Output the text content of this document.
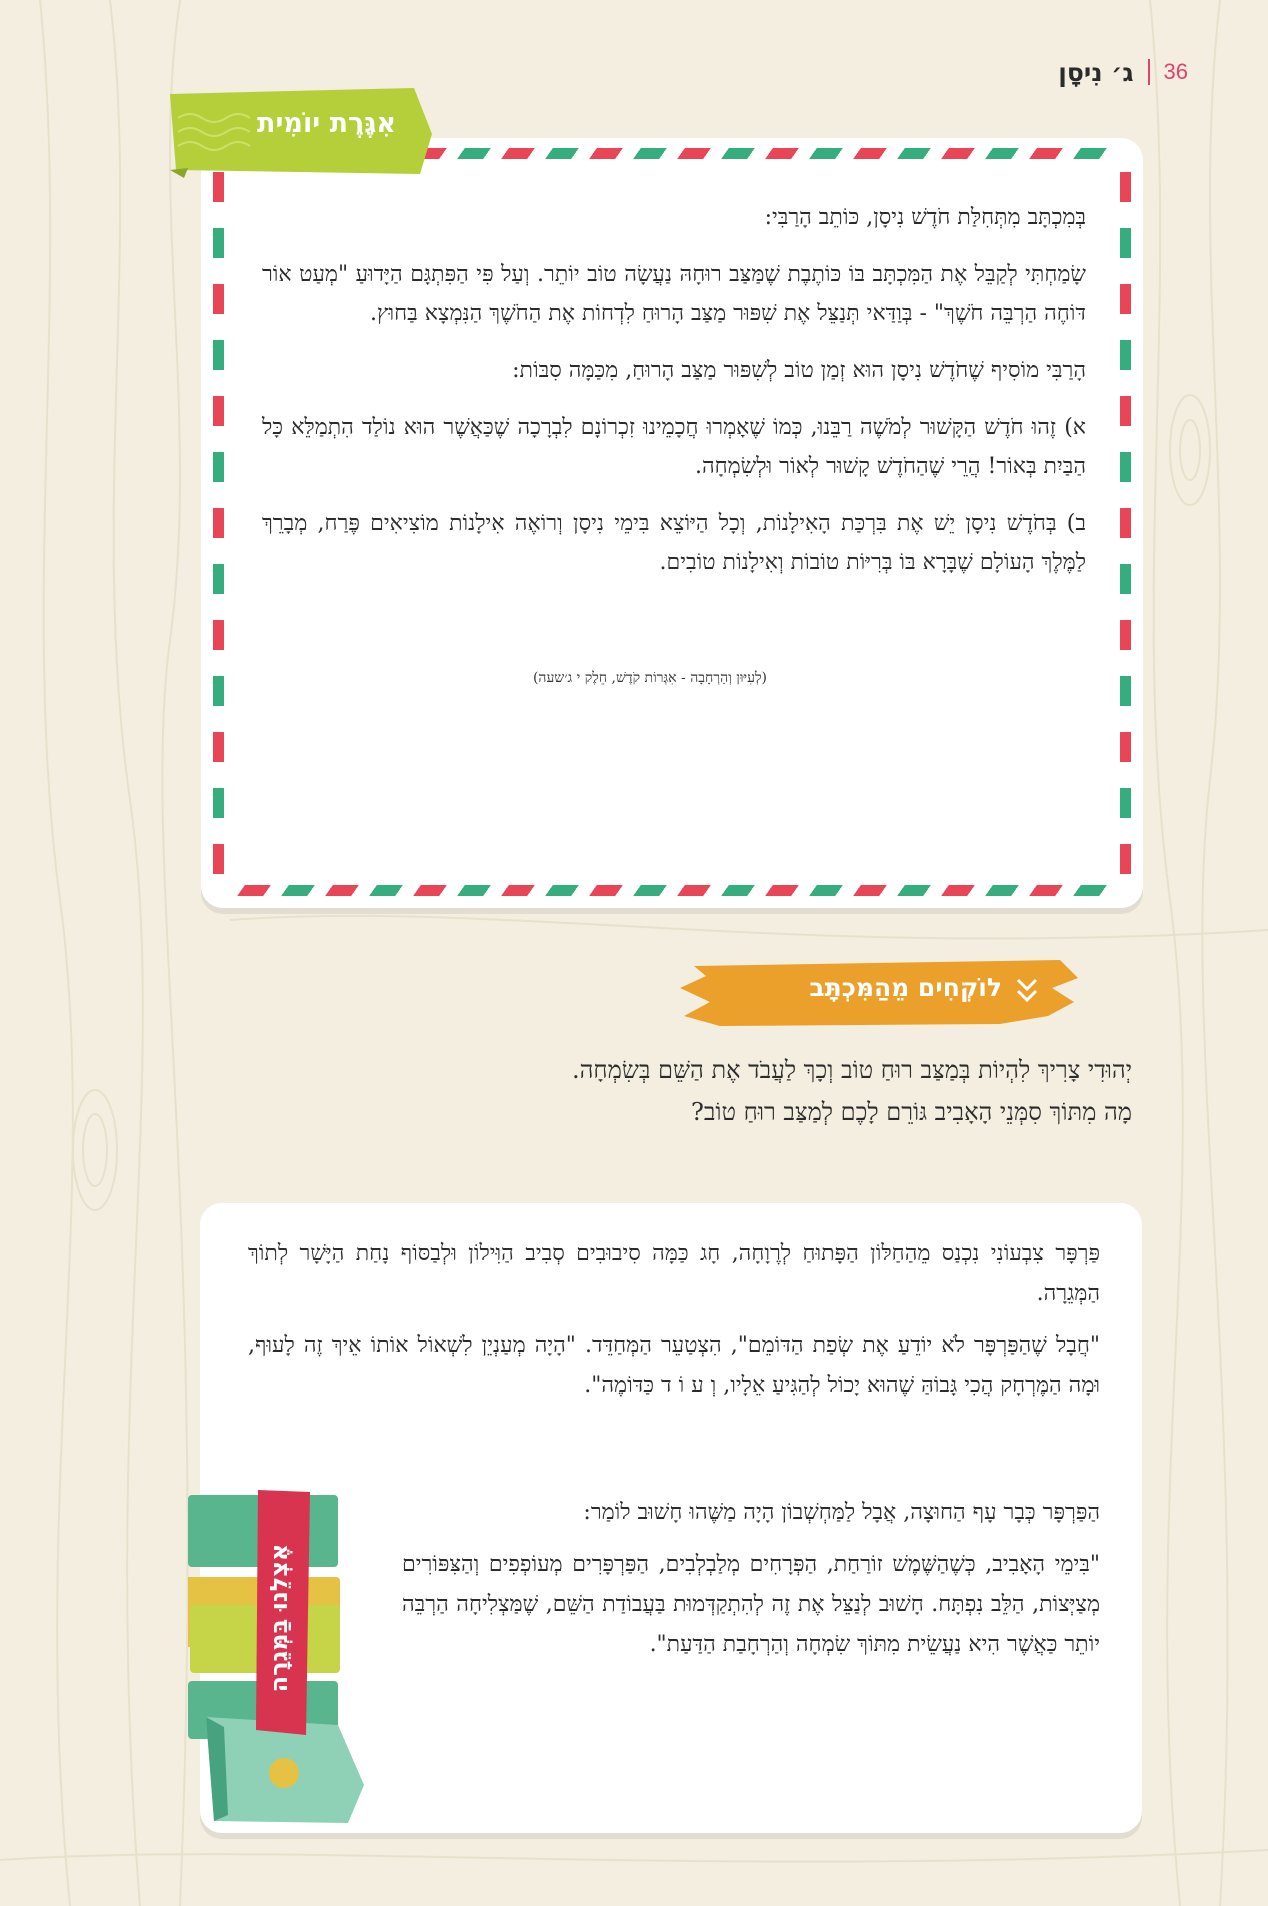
36
ג׳ נִיסָן
אִגֶּרֶת יוֹמִית

בְּמִכְתָּב מִתְּחִלַּת חֹדֶשׁ נִיסָן, כּוֹתֵב הָרַבִּי:

שָׂמַחְתִּי לְקַבֵּל אֶת הַמִּכְתָּב בּוֹ כּוֹתֶבֶת שֶׁמַּצַּב רוּחָהּ נַעֲשָׂה טוֹב יוֹתֵר. וְעַל פִּי הַפִּתְגָּם הַיָּדוּעַ "מְעַט אוֹר דּוֹחֶה הַרְבֵּה חֹשֶׁךְ" - בְּוַדַּאי תְּנַצֵּל אֶת שִׁפּוּר מַצַּב הָרוּחַ לִדְחוֹת אֶת הַחֹשֶׁךְ הַנִּמְצָא בַּחוּץ.

הָרַבִּי מוֹסִיף שֶׁחֹדֶשׁ נִיסָן הוּא זְמַן טוֹב לְשִׁפּוּר מַצַּב הָרוּחַ, מִכַּמָּה סִבּוֹת:

א) זֶהוּ חֹדֶשׁ הַקָּשׁוּר לְמֹשֶׁה רַבֵּנוּ, כְּמוֹ שֶׁאָמְרוּ חֲכָמֵינוּ זִכְרוֹנָם לִבְרָכָה שֶׁכַּאֲשֶׁר הוּא נוֹלַד הִתְמַלֵּא כָּל הַבַּיִת בְּאוֹר! הֲרֵי שֶׁהַחֹדֶשׁ קָשׁוּר לְאוֹר וּלְשִׂמְחָה.

ב) בְּחֹדֶשׁ נִיסָן יֵשׁ אֶת בִּרְכַּת הָאִילָנוֹת, וְכָל הַיּוֹצֵא בִּימֵי נִיסָן וְרוֹאֶה אִילָנוֹת מוֹצִיאִים פֶּרַח, מְבָרֵךְ לַמֶּלֶךְ הָעוֹלָם שֶׁבָּרָא בּוֹ בְּרִיּוֹת טוֹבוֹת וְאִילָנוֹת טוֹבִים.

(לְעִיּוּן וְהַרְחָבָה - אִגְּרוֹת קֹדֶשׁ, חֵלֶק י ג׳שעה)
לוֹקְחִים מֵהַמִּכְתָּב
יְהוּדִי צָרִיךְ לִהְיוֹת בְּמַצַּב רוּחַ טוֹב וְכָךְ לַעֲבֹד אֶת הַשֵּׁם בְּשִׂמְחָה.
מָה מִתּוֹךְ סִמְּנֵי הָאָבִיב גּוֹרֵם לָכֶם לְמַצַּב רוּחַ טוֹב?

פַּרְפָּר צִבְעוֹנִי נִכְנַס מֵהַחַלּוֹן הַפָּתוּחַ לְרֶוָחָה, חָג כַּמָּה סִיבוּבִים סְבִיב הַוִּילוֹן וּלְבַסּוֹף נָחַת הַיָּשָׁר לְתוֹךְ הַמְּגֵרָה.

"חֲבָל שֶׁהַפַּרְפָּר לֹא יוֹדֵעַ אֶת שְׂפַת הַדּוֹמֵם", הִצְטַעֵר הַמְּחַדֵּד. "הָיָה מְעַנְיֵן לִשְׁאוֹל אוֹתוֹ אֵיךְ זֶה לָעוּף, וּמָה הַמֶּרְחָק הֲכִי גָּבוֹהַּ שֶׁהוּא יָכוֹל לְהַגִּיעַ אֵלָיו, וְ ע וֹ ד כַּדּוֹמֶה".

הַפַּרְפָּר כְּבָר עָף הַחוּצָה, אֲבָל לַמַּחְשְׁבוֹן הָיָה מַשֶּׁהוּ חָשׁוּב לוֹמַר:

"בִּימֵי הָאָבִיב, כְּשֶׁהַשֶּׁמֶשׁ זוֹרַחַת, הַפְּרָחִים מְלַבְלְבִים, הַפַּרְפָּרִים מְעוֹפְפִים וְהַצִּפּוֹרִים מְצַיְּצוֹת, הַלֵּב נִפְתָּח. חָשׁוּב לְנַצֵּל אֶת זֶה לְהִתְקַדְּמוּת בַּעֲבוֹדַת הַשֵּׁם, שֶׁמַּצְלִיחָה הַרְבֵּה יוֹתֵר כַּאֲשֶׁר הִיא נַעֲשֵׂית מִתּוֹךְ שִׂמְחָה וְהַרְחָבַת הַדַּעַת".

אֶצְלֵנוּ בַּמְּגֵרָה
